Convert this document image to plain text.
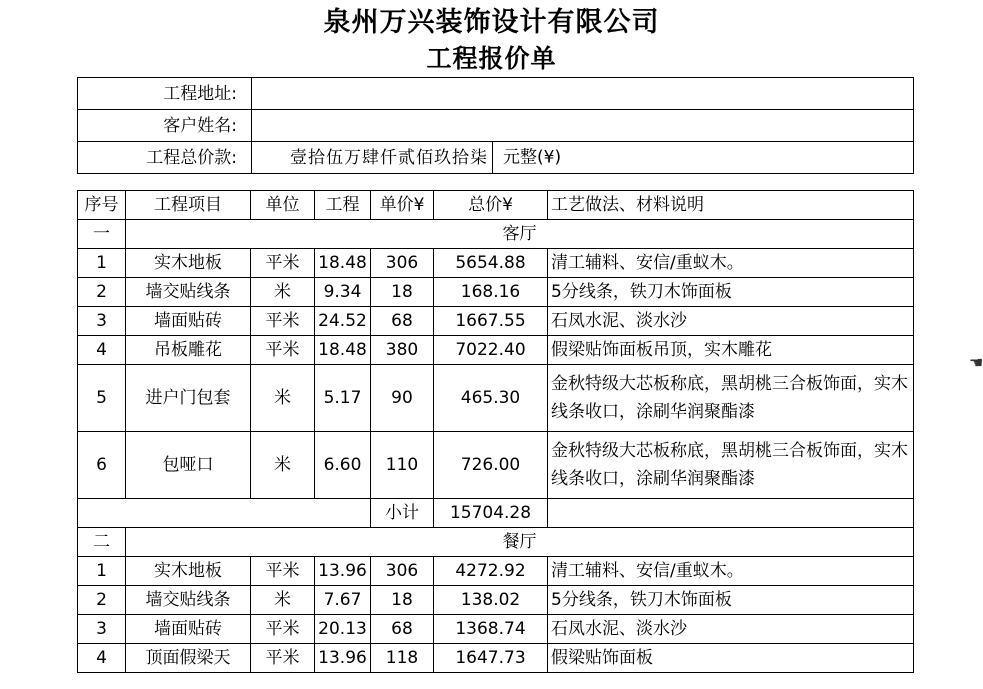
泉州万兴装饰设计有限公司
工程报价单
工程地址:	
客户姓名:	
工程总价款:	壹拾伍万肆仟贰佰玖拾柒 元整(¥)
序号	工程项目	单位	工程	单价¥	总价¥	工艺做法、材料说明
一	客厅					
1	实木地板	平米	18.48	306	5654.88	清工辅料、安信/重蚁木。
2	墙交贴线条	米	9.34	18	168.16	5分线条，铁刀木饰面板
3	墙面贴砖	平米	24.52	68	1667.55	石凤水泥、淡水沙
4	吊板雕花	平米	18.48	380	7022.40	假梁贴饰面板吊顶，实木雕花
5	进户门包套	米	5.17	90	465.30	金秋特级大芯板称底，黑胡桃三合板饰面，实木线条收口，涂刷华润聚酯漆
6	包哑口	米	6.60	110	726.00	金秋特级大芯板称底，黑胡桃三合板饰面，实木线条收口，涂刷华润聚酯漆
				小计	15704.28	
二	餐厅					
1	实木地板	平米	13.96	306	4272.92	清工辅料、安信/重蚁木。
2	墙交贴线条	米	7.67	18	138.02	5分线条，铁刀木饰面板
3	墙面贴砖	平米	20.13	68	1368.74	石凤水泥、淡水沙
4	顶面假梁天	平米	13.96	118	1647.73	假梁贴饰面板
☚
